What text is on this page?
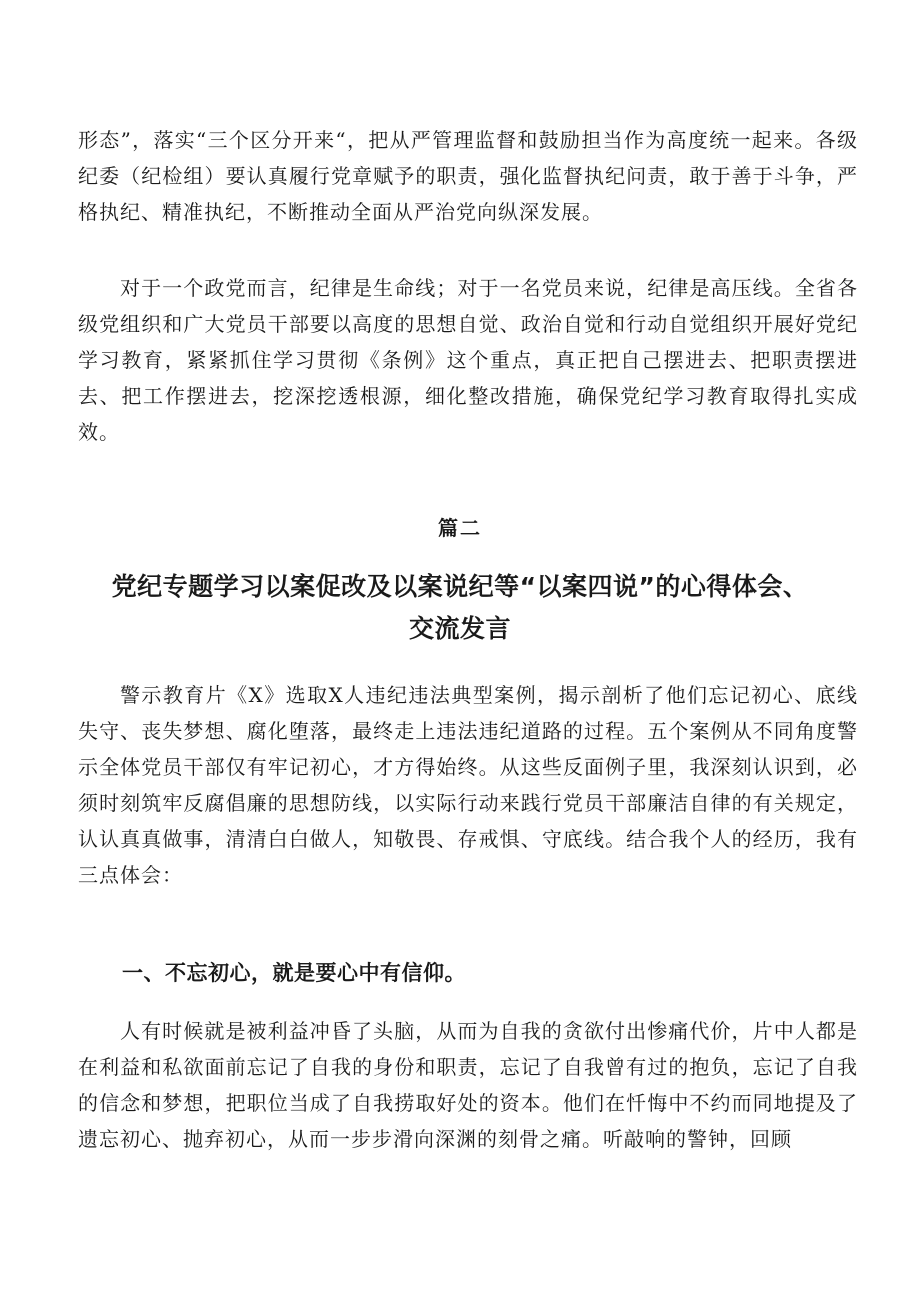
形态”，落实“三个区分开来“，把从严管理监督和鼓励担当作为高度统一起来。各级纪委（纪检组）要认真履行党章赋予的职责，强化监督执纪问责，敢于善于斗争，严格执纪、精准执纪，不断推动全面从严治党向纵深发展。

对于一个政党而言，纪律是生命线；对于一名党员来说，纪律是高压线。全省各级党组织和广大党员干部要以高度的思想自觉、政治自觉和行动自觉组织开展好党纪学习教育，紧紧抓住学习贯彻《条例》这个重点，真正把自己摆进去、把职责摆进去、把工作摆进去，挖深挖透根源，细化整改措施，确保党纪学习教育取得扎实成效。

篇二

党纪专题学习以案促改及以案说纪等“以案四说”的心得体会、交流发言

警示教育片《X》选取X人违纪违法典型案例，揭示剖析了他们忘记初心、底线失守、丧失梦想、腐化堕落，最终走上违法违纪道路的过程。五个案例从不同角度警示全体党员干部仅有牢记初心，才方得始终。从这些反面例子里，我深刻认识到，必须时刻筑牢反腐倡廉的思想防线，以实际行动来践行党员干部廉洁自律的有关规定，认认真真做事，清清白白做人，知敬畏、存戒惧、守底线。结合我个人的经历，我有三点体会：

一、不忘初心，就是要心中有信仰。

人有时候就是被利益冲昏了头脑，从而为自我的贪欲付出惨痛代价，片中人都是在利益和私欲面前忘记了自我的身份和职责，忘记了自我曾有过的抱负，忘记了自我的信念和梦想，把职位当成了自我捞取好处的资本。他们在忏悔中不约而同地提及了遗忘初心、抛弃初心，从而一步步滑向深渊的刻骨之痛。听敲响的警钟，回顾
